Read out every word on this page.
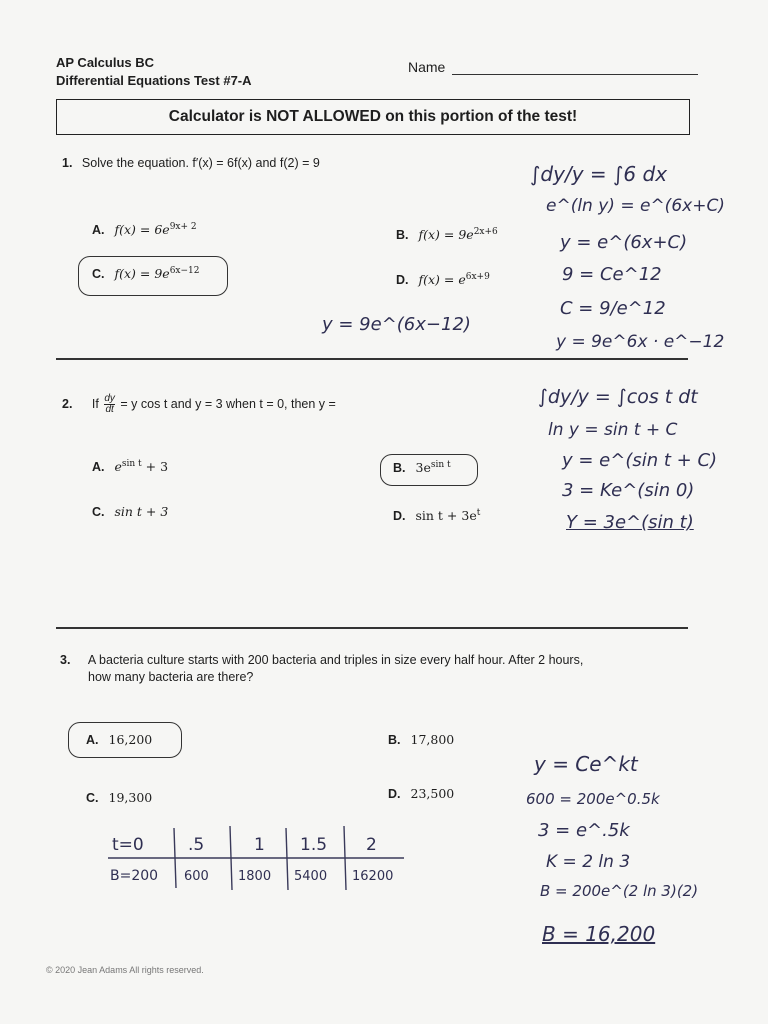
AP Calculus BC
Differential Equations Test #7-A
Name
Calculator is NOT ALLOWED on this portion of the test!
1. Solve the equation. f′(x) = 6f(x) and f(2) = 9
A. $f(x) = 6e^{9x+ 2}$
B. $f(x) = 9e^{2x+6}$
C. $f(x) = 9e^{6x-12}$
D. $f(x) = e^{6x+9}$
∫dy/y = ∫6 dx
e^(ln y) = e^(6x+C)
y = e^(6x+C)
9 = Ce^12
C = 9/e^12
y = 9e^6x · e^−12
y = 9e^(6x−12)
2. If $\frac{dy}{dt} = y$ cos t and y = 3 when t = 0, then y =
A. $e^{sin t} + 3$	B. $3e^{sin t}$
C. sin t + 3	D. $\sin t + 3e^t$
∫dy/y = ∫cos t dt
ln y = sin t + C
y = e^(sin t + C)
3 = Ke^(sin 0)
Y = 3e^(sin t)
3. A bacteria culture starts with 200 bacteria and triples in size every half hour. After 2 hours,
how many bacteria are there?
A. 16,200	B. 17,800
C. 19,300	D. 23,500
t=0	.5	1 1.5 2
B=200 600 1800 5400 16200
y = Ce^kt
600 = 200e^0.5k
3 = e^.5k
K = 2 ln 3
B = 200e^(2 ln 3)(2)
B = 16,200
© 2020 Jean Adams All rights reserved.
